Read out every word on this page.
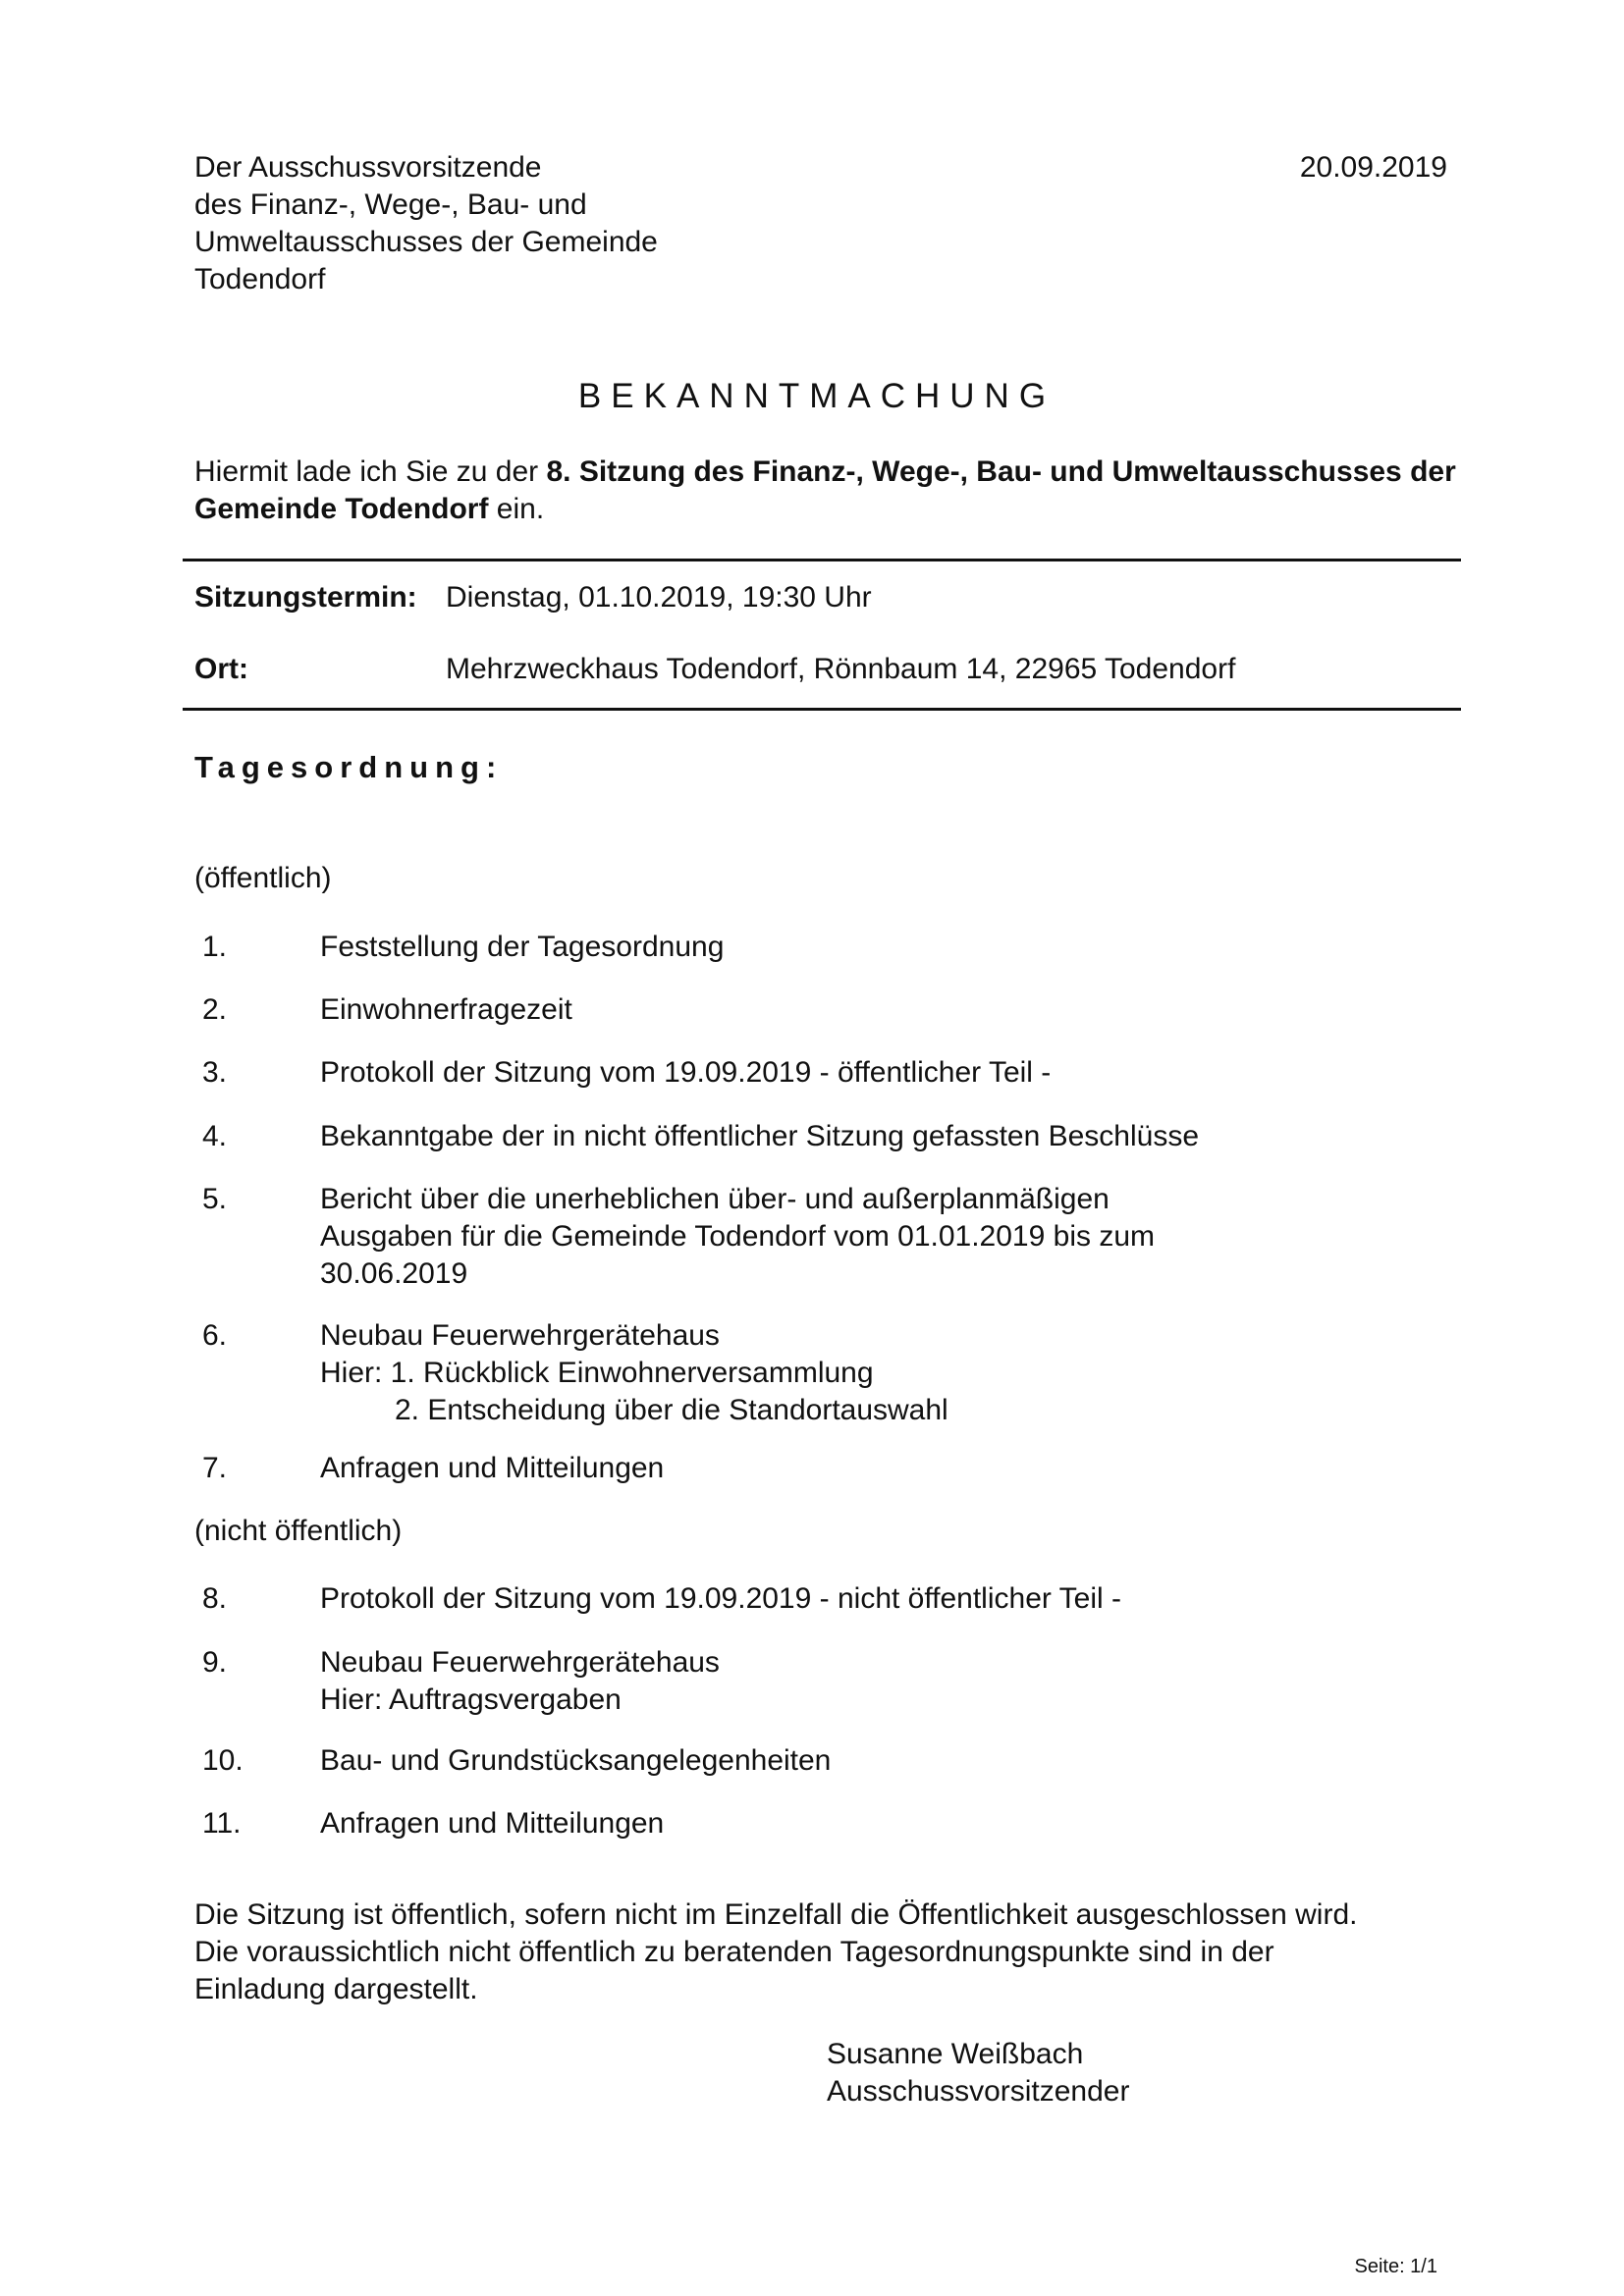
Der Ausschussvorsitzende
des Finanz-, Wege-, Bau- und
Umweltausschusses der Gemeinde
Todendorf
20.09.2019
BEKANNTMACHUNG
Hiermit lade ich Sie zu der 8. Sitzung des Finanz-, Wege-, Bau- und Umweltausschusses der Gemeinde Todendorf ein.
Sitzungstermin: Dienstag, 01.10.2019, 19:30 Uhr
Ort:	Mehrzweckhaus Todendorf, Rönnbaum 14, 22965 Todendorf
Tagesordnung:
(öffentlich)
1.	Feststellung der Tagesordnung
2.	Einwohnerfragezeit
3.	Protokoll der Sitzung vom 19.09.2019 - öffentlicher Teil -
4.	Bekanntgabe der in nicht öffentlicher Sitzung gefassten Beschlüsse
5.	Bericht über die unerheblichen über- und außerplanmäßigen
Ausgaben für die Gemeinde Todendorf vom 01.01.2019 bis zum
30.06.2019
6.	Neubau Feuerwehrgerätehaus
Hier: 1. Rückblick Einwohnerversammlung
2. Entscheidung über die Standortauswahl
7.	Anfragen und Mitteilungen
(nicht öffentlich)
8.	Protokoll der Sitzung vom 19.09.2019 - nicht öffentlicher Teil -
9.	Neubau Feuerwehrgerätehaus
Hier: Auftragsvergaben
10.	Bau- und Grundstücksangelegenheiten
11.	Anfragen und Mitteilungen
Die Sitzung ist öffentlich, sofern nicht im Einzelfall die Öffentlichkeit ausgeschlossen wird.
Die voraussichtlich nicht öffentlich zu beratenden Tagesordnungspunkte sind in der
Einladung dargestellt.
Susanne Weißbach
Ausschussvorsitzender
Seite: 1/1
